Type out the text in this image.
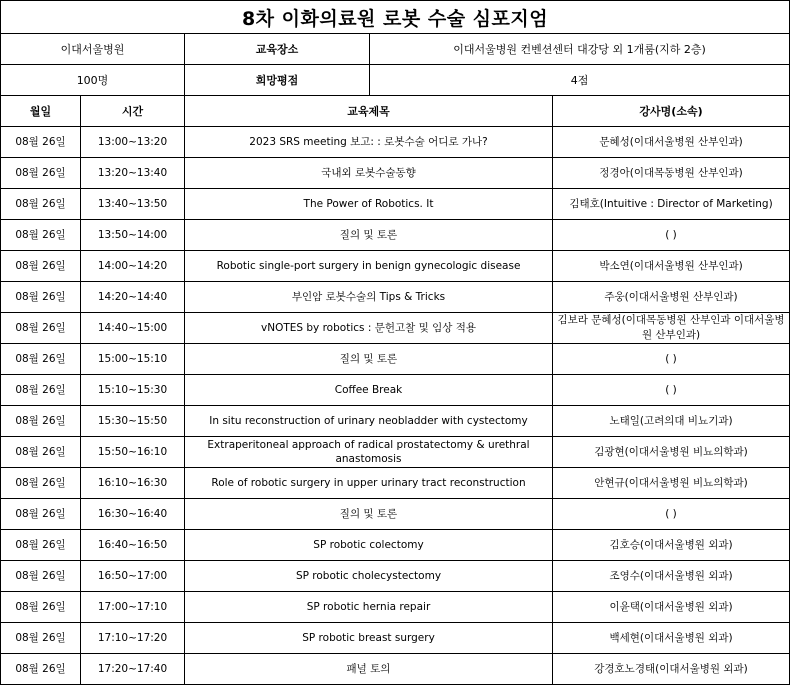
8차 이화의료원 로봇 수술 심포지엄				
이대서울병원		교육장소	이대서울병원 컨벤션센터 대강당 외 1개룸(지하 2층)	
100명		희망평점	4점	
월일	시간	교육제목		강사명(소속)
08월 26일	13:00~13:20	2023 SRS meeting 보고: : 로봇수술 어디로 가나?		문혜성(이대서울병원 산부인과)
08월 26일	13:20~13:40	국내외 로봇수술동향		정경아(이대목동병원 산부인과)
08월 26일	13:40~13:50	The Power of Robotics. It		김태호(Intuitive : Director of Marketing)
08월 26일	13:50~14:00	질의 및 토론		( )
08월 26일	14:00~14:20	Robotic single-port surgery in benign gynecologic disease		박소연(이대서울병원 산부인과)
08월 26일	14:20~14:40	부인암 로봇수술의 Tips & Tricks		주웅(이대서울병원 산부인과)
08월 26일	14:40~15:00	vNOTES by robotics : 문헌고찰 및 임상 적용		김보라 문혜성(이대목동병원 산부인과 이대서울병원 산부인과)
08월 26일	15:00~15:10	질의 및 토론		( )
08월 26일	15:10~15:30	Coffee Break		( )
08월 26일	15:30~15:50	In situ reconstruction of urinary neobladder with cystectomy		노태일(고려의대 비뇨기과)
08월 26일	15:50~16:10	Extraperitoneal approach of radical prostatectomy & urethral anastomosis		김광현(이대서울병원 비뇨의학과)
08월 26일	16:10~16:30	Role of robotic surgery in upper urinary tract reconstruction		안현규(이대서울병원 비뇨의학과)
08월 26일	16:30~16:40	질의 및 토론		( )
08월 26일	16:40~16:50	SP robotic colectomy		김호승(이대서울병원 외과)
08월 26일	16:50~17:00	SP robotic cholecystectomy		조영수(이대서울병원 외과)
08월 26일	17:00~17:10	SP robotic hernia repair		이윤택(이대서울병원 외과)
08월 26일	17:10~17:20	SP robotic breast surgery		백세현(이대서울병원 외과)
08월 26일	17:20~17:40	패널 토의		강경호노경태(이대서울병원 외과)
